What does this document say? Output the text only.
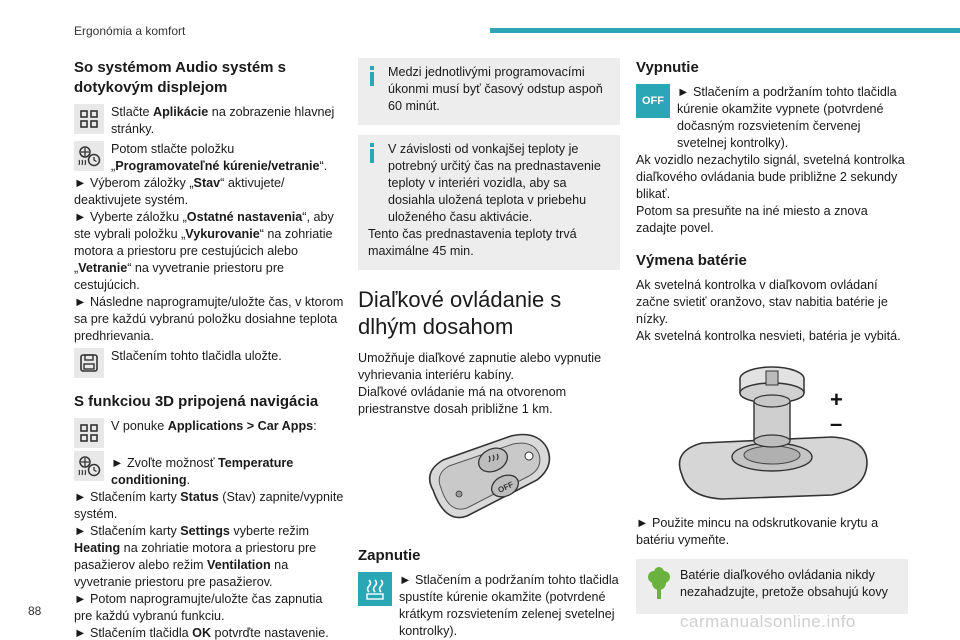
Ergonómia a komfort
So systémom Audio systém s dotykovým displejom

Stlačte Aplikácie na zobrazenie hlavnej stránky.

Potom stlačte položku „Programovateľné kúrenie/vetranie“.

► Výberom záložky „Stav“ aktivujete/ deaktivujete systém.

► Vyberte záložku „Ostatné nastavenia“, aby ste vybrali položku „Vykurovanie“ na zohriatie motora a priestoru pre cestujúcich alebo „Vetranie“ na vyvetranie priestoru pre cestujúcich.

► Následne naprogramujte/uložte čas, v ktorom sa pre každú vybranú položku dosiahne teplota predhrievania.

Stlačením tohto tlačidla uložte.

S funkciou 3D pripojená navigácia

V ponuke Applications > Car Apps:

► Zvoľte možnosť Temperature conditioning.

► Stlačením karty Status (Stav) zapnite/vypnite systém.

► Stlačením karty Settings vyberte režim Heating na zohriatie motora a priestoru pre pasažierov alebo režim Ventilation na vyvetranie priestoru pre pasažierov.

► Potom naprogramujte/uložte čas zapnutia pre každú vybranú funkciu.

► Stlačením tlačidla OK potvrďte nastavenie.

Medzi jednotlivými programovacími úkonmi musí byť časový odstup aspoň 60 minút.

V závislosti od vonkajšej teploty je potrebný určitý čas na prednastavenie teploty v interiéri vozidla, aby sa dosiahla uložená teplota v priebehu uloženého času aktivácie.

Tento čas prednastavenia teploty trvá maximálne 45 min.

Diaľkové ovládanie s dlhým dosahom

Umožňuje diaľkové zapnutie alebo vypnutie vyhrievania interiéru kabíny.

Diaľkové ovládanie má na otvorenom priestranstve dosah približne 1 km.

OFF
Zapnutie

► Stlačením a podržaním tohto tlačidla spustíte kúrenie okamžite (potvrdené krátkym rozsvietením zelenej svetelnej kontrolky).

Vypnutie
OFF

► Stlačením a podržaním tohto tlačidla kúrenie okamžite vypnete (potvrdené dočasným rozsvietením červenej svetelnej kontrolky).

Ak vozidlo nezachytilo signál, svetelná kontrolka diaľkového ovládania bude približne 2 sekundy blikať.

Potom sa presuňte na iné miesto a znova zadajte povel.

Výmena batérie

Ak svetelná kontrolka v diaľkovom ovládaní začne svietiť oranžovo, stav nabitia batérie je nízky.

Ak svetelná kontrolka nesvieti, batéria je vybitá.

+
–

► Použite mincu na odskrutkovanie krytu a batériu vymeňte.

Batérie diaľkového ovládania nikdy nezahadzujte, pretože obsahujú kovy

88
carmanualsonline.info
